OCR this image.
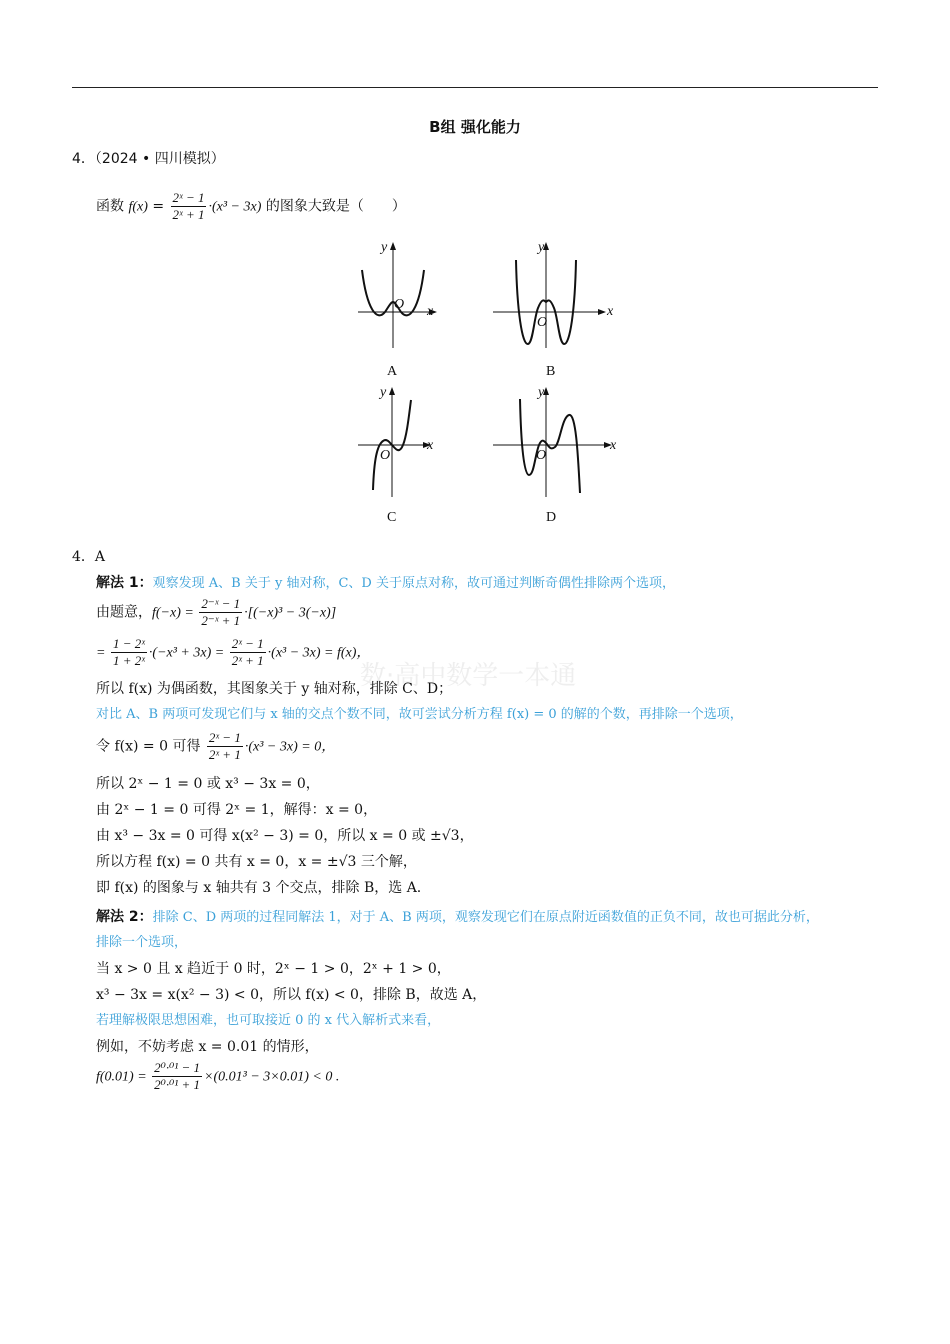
B组 强化能力
4．（2024 • 四川模拟）
函数 $f(x) = \frac{\text{2ˣ − 1}}{\text{2ˣ + 1}} \cdot(x^3 - 3x)$ 的图象大致是（　　）
x
y
O
A
x
y
O
B
x
y
O
C
x
y
O
D
4．A
解法 1：观察发现 A、B 关于 y 轴对称，C、D 关于原点对称，故可通过判断奇偶性排除两个选项，
由题意，$f(-x) = \frac{\text{2⁻ˣ − 1}}{\text{2⁻ˣ + 1}} \cdot[(-x)^3 - 3(-x)]$
= $\frac{\text{1 − 2ˣ}}{\text{1 + 2ˣ}} \cdot(-x^3 + 3x) = \frac{\text{2ˣ − 1}}{\text{2ˣ + 1}} \cdot(x^3 - 3x) = f(x)$，
数·高中数学一本通
所以 f(x) 为偶函数，其图象关于 y 轴对称，排除 C、D；
对比 A、B 两项可发现它们与 x 轴的交点个数不同，故可尝试分析方程 f(x) = 0 的解的个数，再排除一个选项，
令 f(x) = 0 可得 $\frac{\text{2ˣ − 1}}{\text{2ˣ + 1}} \cdot(x^3 - 3x) = 0$，
所以 2ˣ − 1 = 0 或 x³ − 3x = 0，
由 2ˣ − 1 = 0 可得 2ˣ = 1，解得：x = 0，
由 x³ − 3x = 0 可得 x(x² − 3) = 0，所以 x = 0 或 ±√3，
所以方程 f(x) = 0 共有 x = 0，x = ±√3 三个解，
即 f(x) 的图象与 x 轴共有 3 个交点，排除 B，选 A.
解法 2：排除 C、D 两项的过程同解法 1，对于 A、B 两项，观察发现它们在原点附近函数值的正负不同，故也可据此分析，
排除一个选项，
当 x > 0 且 x 趋近于 0 时，2ˣ − 1 > 0，2ˣ + 1 > 0，
x³ − 3x = x(x² − 3) < 0，所以 f(x) < 0，排除 B，故选 A，
若理解极限思想困难，也可取接近 0 的 x 代入解析式来看，
例如，不妨考虑 x = 0.01 的情形，
$f(0.01) = \frac{\text{2⁰·⁰¹ − 1}}{\text{2⁰·⁰¹ + 1}} \times(0.01^3 - 3\times 0.01) < 0$ .
